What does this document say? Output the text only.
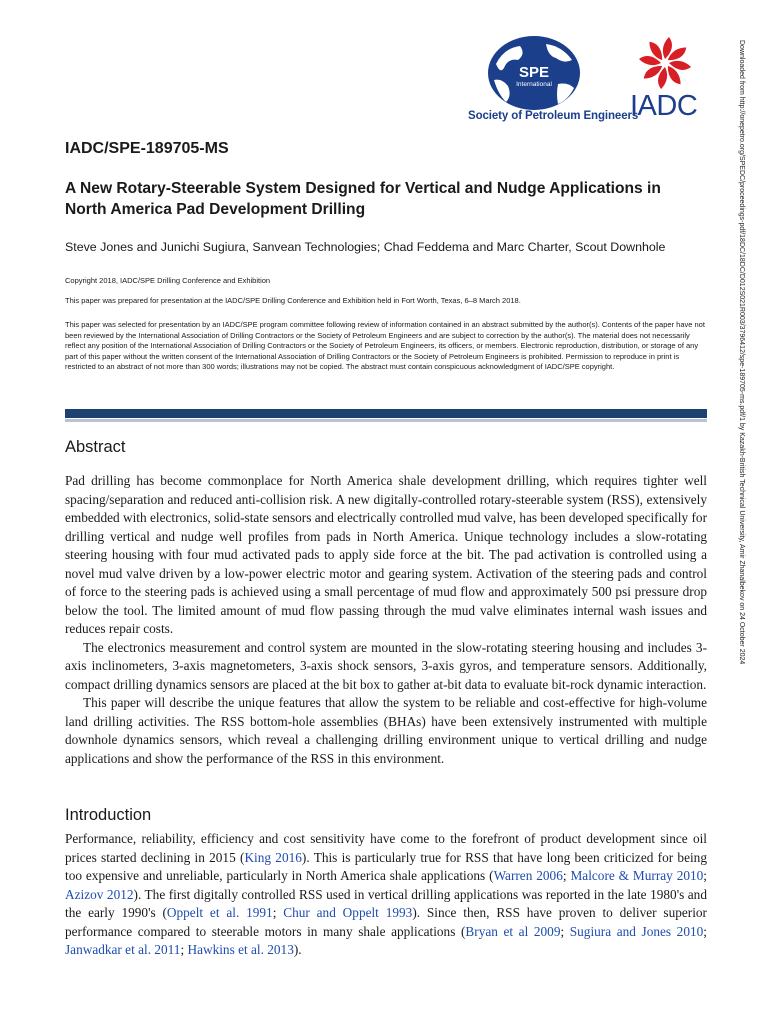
SPE
International
Society of Petroleum Engineers
IADC
IADC/SPE-189705-MS
A New Rotary-Steerable System Designed for Vertical and Nudge Applications in North America Pad Development Drilling
Steve Jones and Junichi Sugiura, Sanvean Technologies; Chad Feddema and Marc Charter, Scout Downhole
Copyright 2018, IADC/SPE Drilling Conference and Exhibition
This paper was prepared for presentation at the IADC/SPE Drilling Conference and Exhibition held in Fort Worth, Texas, 6–8 March 2018.
This paper was selected for presentation by an IADC/SPE program committee following review of information contained in an abstract submitted by the author(s). Contents of the paper have not been reviewed by the International Association of Drilling Contractors or the Society of Petroleum Engineers and are subject to correction by the author(s). The material does not necessarily reflect any position of the International Association of Drilling Contractors or the Society of Petroleum Engineers, its officers, or members. Electronic reproduction, distribution, or storage of any part of this paper without the written consent of the International Association of Drilling Contractors or the Society of Petroleum Engineers is prohibited. Permission to reproduce in print is restricted to an abstract of not more than 300 words; illustrations may not be copied. The abstract must contain conspicuous acknowledgment of IADC/SPE copyright.
Abstract

Pad drilling has become commonplace for North America shale development drilling, which requires tighter well spacing/separation and reduced anti-collision risk. A new digitally-controlled rotary-steerable system (RSS), extensively embedded with electronics, solid-state sensors and electrically controlled mud valve, has been developed specifically for drilling vertical and nudge well profiles from pads in North America. Unique technology includes a slow-rotating steering housing with four mud activated pads to apply side force at the bit. The pad activation is controlled using a novel mud valve driven by a low-power electric motor and gearing system. Activation of the steering pads and control of force to the steering pads is achieved using a small percentage of mud flow and approximately 500 psi pressure drop below the tool. The limited amount of mud flow passing through the mud valve eliminates internal wash issues and reduces repair costs.

The electronics measurement and control system are mounted in the slow-rotating steering housing and includes 3-axis inclinometers, 3-axis magnetometers, 3-axis shock sensors, 3-axis gyros, and temperature sensors. Additionally, compact drilling dynamics sensors are placed at the bit box to gather at-bit data to evaluate bit-rock dynamic interaction.

This paper will describe the unique features that allow the system to be reliable and cost-effective for high-volume land drilling activities. The RSS bottom-hole assemblies (BHAs) have been extensively instrumented with multiple downhole dynamics sensors, which reveal a challenging drilling environment unique to vertical drilling and nudge applications and show the performance of the RSS in this environment.

Introduction

Performance, reliability, efficiency and cost sensitivity have come to the forefront of product development since oil prices started declining in 2015 (King 2016). This is particularly true for RSS that have long been criticized for being too expensive and unreliable, particularly in North America shale applications (Warren 2006; Malcore & Murray 2010; Azizov 2012). The first digitally controlled RSS used in vertical drilling applications was reported in the late 1980's and the early 1990's (Oppelt et al. 1991; Chur and Oppelt 1993). Since then, RSS have proven to deliver superior performance compared to steerable motors in many shale applications (Bryan et al 2009; Sugiura and Jones 2010; Janwadkar et al. 2011; Hawkins et al. 2013).

Downloaded from http://onepetro.org/SPEDC/proceedings-pdf/18DC/18DC/D012S021R003/3796412/spe-189705-ms.pdf/1 by Kazakh-British Technical University, Amir Zhanalbekov on 24 October 2024
